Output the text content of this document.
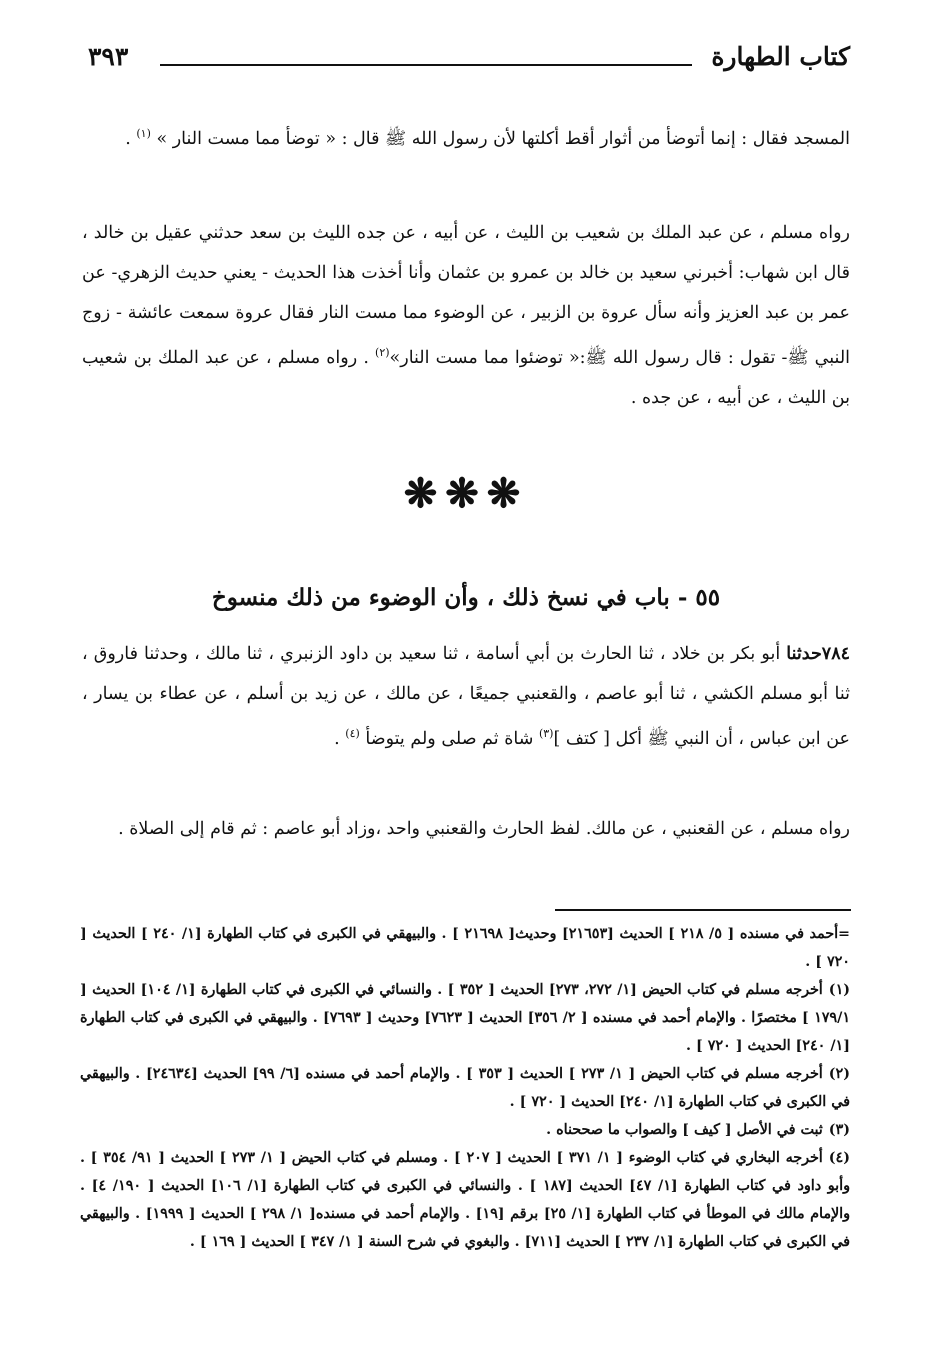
كتاب الطهارة
٣٩٣

المسجد فقال : إنما أتوضأ من أثوار أقط أكلتها لأن رسول الله ﷺ قال : « توضأ مما مست النار » $^{(١)}$ .

رواه مسلم ، عن عبد الملك بن شعيب بن الليث ، عن أبيه ، عن جده الليث بن سعد حدثني عقيل بن خالد ، قال ابن شهاب: أخبرني سعيد بن خالد بن عمرو بن عثمان وأنا أخذت هذا الحديث - يعني حديث الزهري- عن عمر بن عبد العزيز وأنه سأل عروة بن الزبير ، عن الوضوء مما مست النار فقال عروة سمعت عائشة - زوج النبي ﷺ- تقول : قال رسول الله ﷺ:« توضئوا مما مست النار»$^{(٢)}$ . رواه مسلم ، عن عبد الملك بن شعيب بن الليث ، عن أبيه ، عن جده .

❋❋❋
٥٥ - باب في نسخ ذلك ، وأن الوضوء من ذلك منسوخ

٧٨٤حدثنا أبو بكر بن خلاد ، ثنا الحارث بن أبي أسامة ، ثنا سعيد بن داود الزنبري ، ثنا مالك ، وحدثنا فاروق ، ثنا أبو مسلم الكشي ، ثنا أبو عاصم ، والقعنبي جميعًا ، عن مالك ، عن زيد بن أسلم ، عن عطاء بن يسار ، عن ابن عباس ، أن النبي ﷺ أكل [ كتف ]$^{(٣)}$ شاة ثم صلى ولم يتوضأ $^{(٤)}$ .

رواه مسلم ، عن القعنبي ، عن مالك. لفظ الحارث والقعنبي واحد ،وزاد أبو عاصم : ثم قام إلى الصلاة .

=أحمد في مسنده [ ٥/ ٢١٨ ] الحديث [٢١٦٥٣] وحديث[ ٢١٦٩٨ ] . والبيهقي في الكبرى في كتاب الطهارة [١/ ٢٤٠ ] الحديث [ ٧٢٠ ] .

(١)أخرجه مسلم في كتاب الحيض [١/ ٢٧٢، ٢٧٣] الحديث [ ٣٥٢ ] . والنسائي في الكبرى في كتاب الطهارة [١/ ١٠٤] الحديث [ ١٧٩/١ ] مختصرًا . والإمام أحمد في مسنده [ ٢/ ٣٥٦] الحديث [ ٧٦٢٣] وحديث [ ٧٦٩٣] . والبيهقي في الكبرى في كتاب الطهارة [١/ ٢٤٠] الحديث [ ٧٢٠ ] .

(٢)أخرجه مسلم في كتاب الحيض [ ١/ ٢٧٣ ] الحديث [ ٣٥٣ ] . والإمام أحمد في مسنده [٦/ ٩٩] الحديث [٢٤٦٣٤] . والبيهقي في الكبرى في كتاب الطهارة [١/ ٢٤٠] الحديث [ ٧٢٠ ] .

(٣)ثبت في الأصل [ كيف ] والصواب ما صححناه .

(٤)أخرجه البخاري في كتاب الوضوء [ ١/ ٣٧١ ] الحديث [ ٢٠٧ ] . ومسلم في كتاب الحيض [ ١/ ٢٧٣ ] الحديث [ ٩١/ ٣٥٤ ] . وأبو داود في كتاب الطهارة [١/ ٤٧] الحديث [١٨٧ ] . والنسائي في الكبرى في كتاب الطهارة [١/ ١٠٦] الحديث [ ١٩٠/ ٤] . والإمام مالك في الموطأ في كتاب الطهارة [١/ ٢٥] برقم [١٩] . والإمام أحمد في مسنده[ ١/ ٢٩٨ ] الحديث [ ١٩٩٩] . والبيهقي في الكبرى في كتاب الطهارة [١/ ٢٣٧ ] الحديث [٧١١] . والبغوي في شرح السنة [ ١/ ٣٤٧ ] الحديث [ ١٦٩ ] .
